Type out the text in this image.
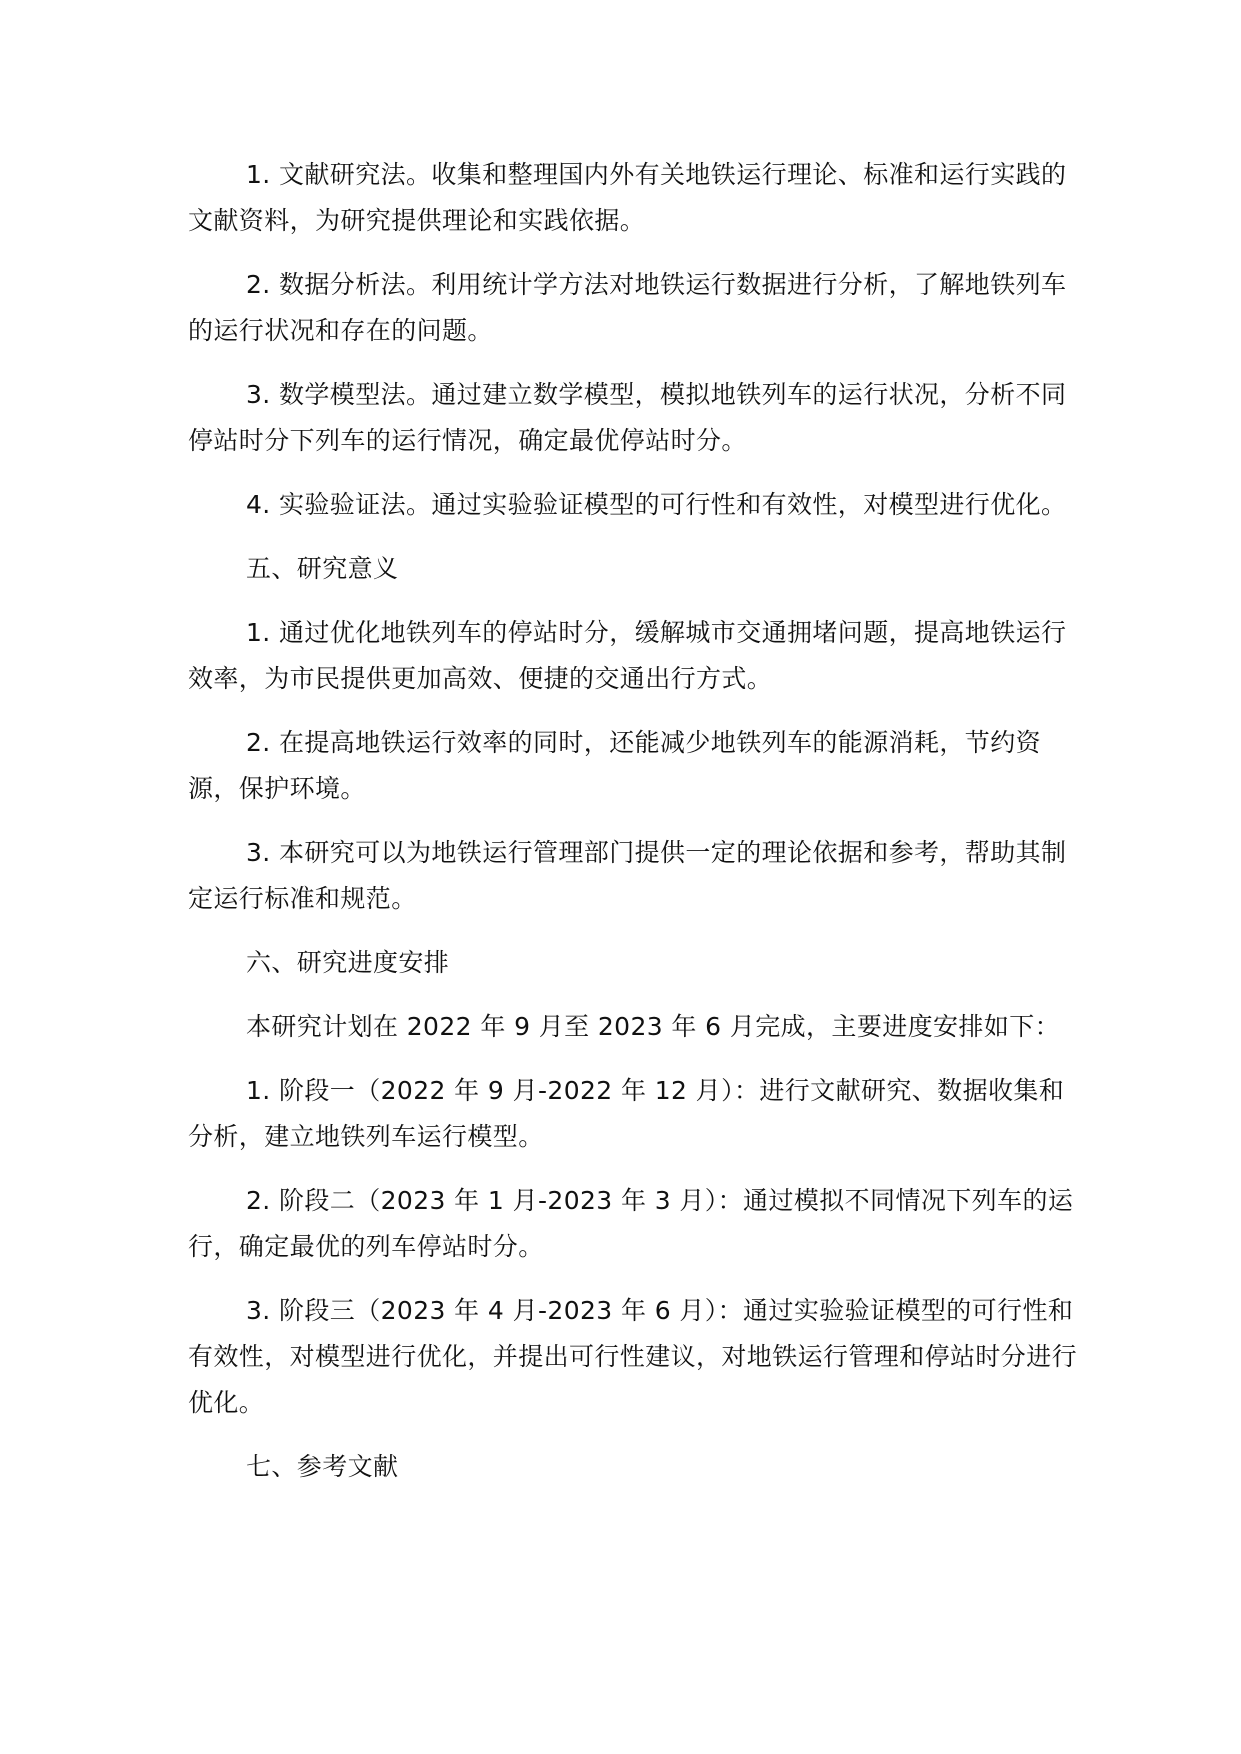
1. 文献研究法。收集和整理国内外有关地铁运行理论、标准和运行实践的文献资料，为研究提供理论和实践依据。

2. 数据分析法。利用统计学方法对地铁运行数据进行分析，了解地铁列车的运行状况和存在的问题。

3. 数学模型法。通过建立数学模型，模拟地铁列车的运行状况，分析不同停站时分下列车的运行情况，确定最优停站时分。

4. 实验验证法。通过实验验证模型的可行性和有效性，对模型进行优化。

五、研究意义

1. 通过优化地铁列车的停站时分，缓解城市交通拥堵问题，提高地铁运行效率，为市民提供更加高效、便捷的交通出行方式。

2. 在提高地铁运行效率的同时，还能减少地铁列车的能源消耗，节约资源，保护环境。

3. 本研究可以为地铁运行管理部门提供一定的理论依据和参考，帮助其制定运行标准和规范。

六、研究进度安排

本研究计划在 2022 年 9 月至 2023 年 6 月完成，主要进度安排如下：

1. 阶段一（2022 年 9 月-2022 年 12 月）：进行文献研究、数据收集和分析，建立地铁列车运行模型。

2. 阶段二（2023 年 1 月-2023 年 3 月）：通过模拟不同情况下列车的运行，确定最优的列车停站时分。

3. 阶段三（2023 年 4 月-2023 年 6 月）：通过实验验证模型的可行性和有效性，对模型进行优化，并提出可行性建议，对地铁运行管理和停站时分进行优化。

七、参考文献
